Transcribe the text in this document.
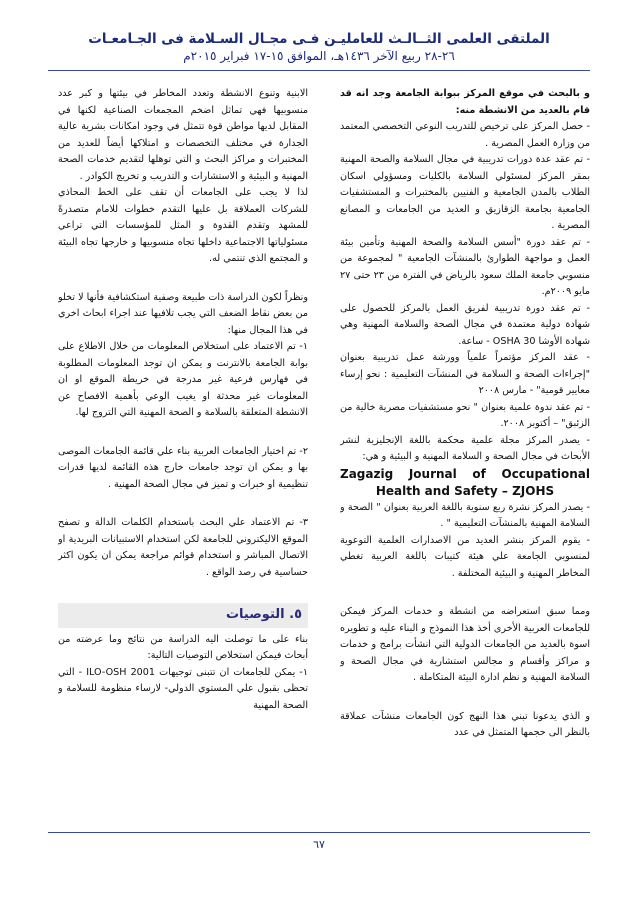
الملتقى العلمى الثــالـث للعامليـن فـى مجـال السـلامة فى الجـامعـات
٢٦-٢٨ ربيع الآخر ١٤٣٦هـ، الموافق ١٥-١٧ فبراير ٢٠١٥م

و بالبحث في موقع المركز ببوابة الجامعة وجد انه قد قام بالعديد من الانشطة منه:

- حصل المركز على ترخيص للتدريب النوعي التخصصي المعتمد من وزارة العمل المصرية .

- تم عقد عدة دورات تدريبية في مجال السلامة والصحة المهنية بمقر المركز لمسئولي السلامة بالكليات ومسؤولي اسكان الطلاب بالمدن الجامعية و الفنيين بالمختبرات و المستشفيات الجامعية بجامعة الزقازيق و العديد من الجامعات و المصانع المصرية .

- تم عقد دورة "أسس السلامة والصحة المهنية وتأمين بيئة العمل و مواجهة الطوارئ بالمنشآت الجامعية " لمجموعة من منسوبي جامعة الملك سعود بالرياض في الفترة من ٢٣ حتى ٢٧ مايو ٢٠٠٩م.

- تم عقد دورة تدريبية لفريق العمل بالمركز للحصول على شهادة دولية معتمدة في مجال الصحة والسلامة المهنية وهي شهادة الأوشا OSHA 30 - ساعة.

- عقد المركز مؤتمراً علمياً وورشة عمل تدريبية بعنوان "إجراءات الصحة و السلامة في المنشآت التعليمية : نحو إرساء معايير قومية" - مارس ٢٠٠٨

- تم عقد ندوة علمية بعنوان " نحو مستشفيات مصرية خالية من الزئبق" – أكتوبر ٢٠٠٨.

- يصدر المركز مجلة علمية محكمة باللغة الإنجليزية لنشر الأبحاث في مجال الصحة و السلامة المهنية و البيئية و هي:

Zagazig Journal of Occupational

Health and Safety – ZJOHS

- يصدر المركز نشرة ربع سنوية باللغة العربية بعنوان " الصحة و السلامة المهنية بالمنشآت التعليمية " .

- يقوم المركز بنشر العديد من الاصدارات العلمية التوعوية لمنسوبي الجامعة علي هيئة كتيبات باللغة العربية تغطي المخاطر المهنية و البيئية المختلفة .

ومما سبق استعراضه من انشطة و خدمات المركز فيمكن للجامعات العربية الأخرى أخذ هذا النموذج و البناء عليه و تطويره اسوة بالعديد من الجامعات الدولية التي انشأت برامج و خدمات و مراكز وأقسام و مجالس استشارية في مجال الصحة و السلامة المهنية و نظم ادارة البيئة المتكاملة .

و الذي يدعونا تبني هذا النهج كون الجامعات منشآت عملاقة بالنظر الى حجمها المتمثل في عدد

الابنية وتنوع الانشطة وتعدد المخاطر في بيئتها و كبر عدد منسوبيها فهي تماثل اضخم المجمعات الصناعية لكنها في المقابل لديها مواطن قوة تتمثل في وجود امكانات بشرية عالية الجدارة في مختلف التخصصات و امتلاكها أيضاً للعديد من المختبرات و مراكز البحث و التي توهلها لتقديم خدمات الصحة المهنية و البيئية و الاستشارات و التدريب و تخريج الكوادر .

لذا لا يجب على الجامعات أن تقف على الخط المحاذي للشركات العملاقة بل عليها التقدم خطوات للامام متصدرةً للمشهد وتقدم القدوة و المثل للمؤسسات التي تراعي مسئولياتها الاجتماعية داخلها تجاه منسوبيها و خارجها تجاه البيئة و المجتمع الذي تنتمي له.

ونظراً لكون الدراسة ذات طبيعة وصفية استكشافية فأنها لا تخلو من بعض نقاط الضعف التي يجب تلافيها عند اجراء ابحاث اخري في هذا المجال منها:

١- تم الاعتماد على استخلاص المعلومات من خلال الاطلاع على بوابة الجامعة بالانترنت و يمكن ان توجد المعلومات المطلوبة في فهارس فرعية غير مدرجة في خريطة الموقع او ان المعلومات غير محدثة او يغيب الوعي بأهمية الافصاح عن الانشطة المتعلقة بالسلامة و الصحة المهنية التي التروج لها.

٢- تم اختيار الجامعات العربية بناء علي قائمة الجامعات الموصى بها و يمكن ان توجد جامعات خارج هذه القائمة لديها قدرات تنظيمية او خبرات و تميز في مجال الصحة المهنية .

٣- تم الاعتماد علي البحث باستخدام الكلمات الدالة و تصفح الموقع الاليكتروني للجامعة لكن استخدام الاستبيانات البريدية او الاتصال المباشر و استخدام قوائم مراجعة يمكن ان يكون اكثر حساسية في رصد الواقع .

٥. التوصيات

بناء على ما توصلت اليه الدراسة من نتائج وما عرضته من أبحاث فيمكن استخلاص التوصيات التالية:

١- يمكن للجامعات ان تتبنى توجيهات ILO-OSH 2001 - التي تحظى بقبول علي المستوي الدولي- لارساء منظومة للسلامة و الصحة المهنية

٦٧
